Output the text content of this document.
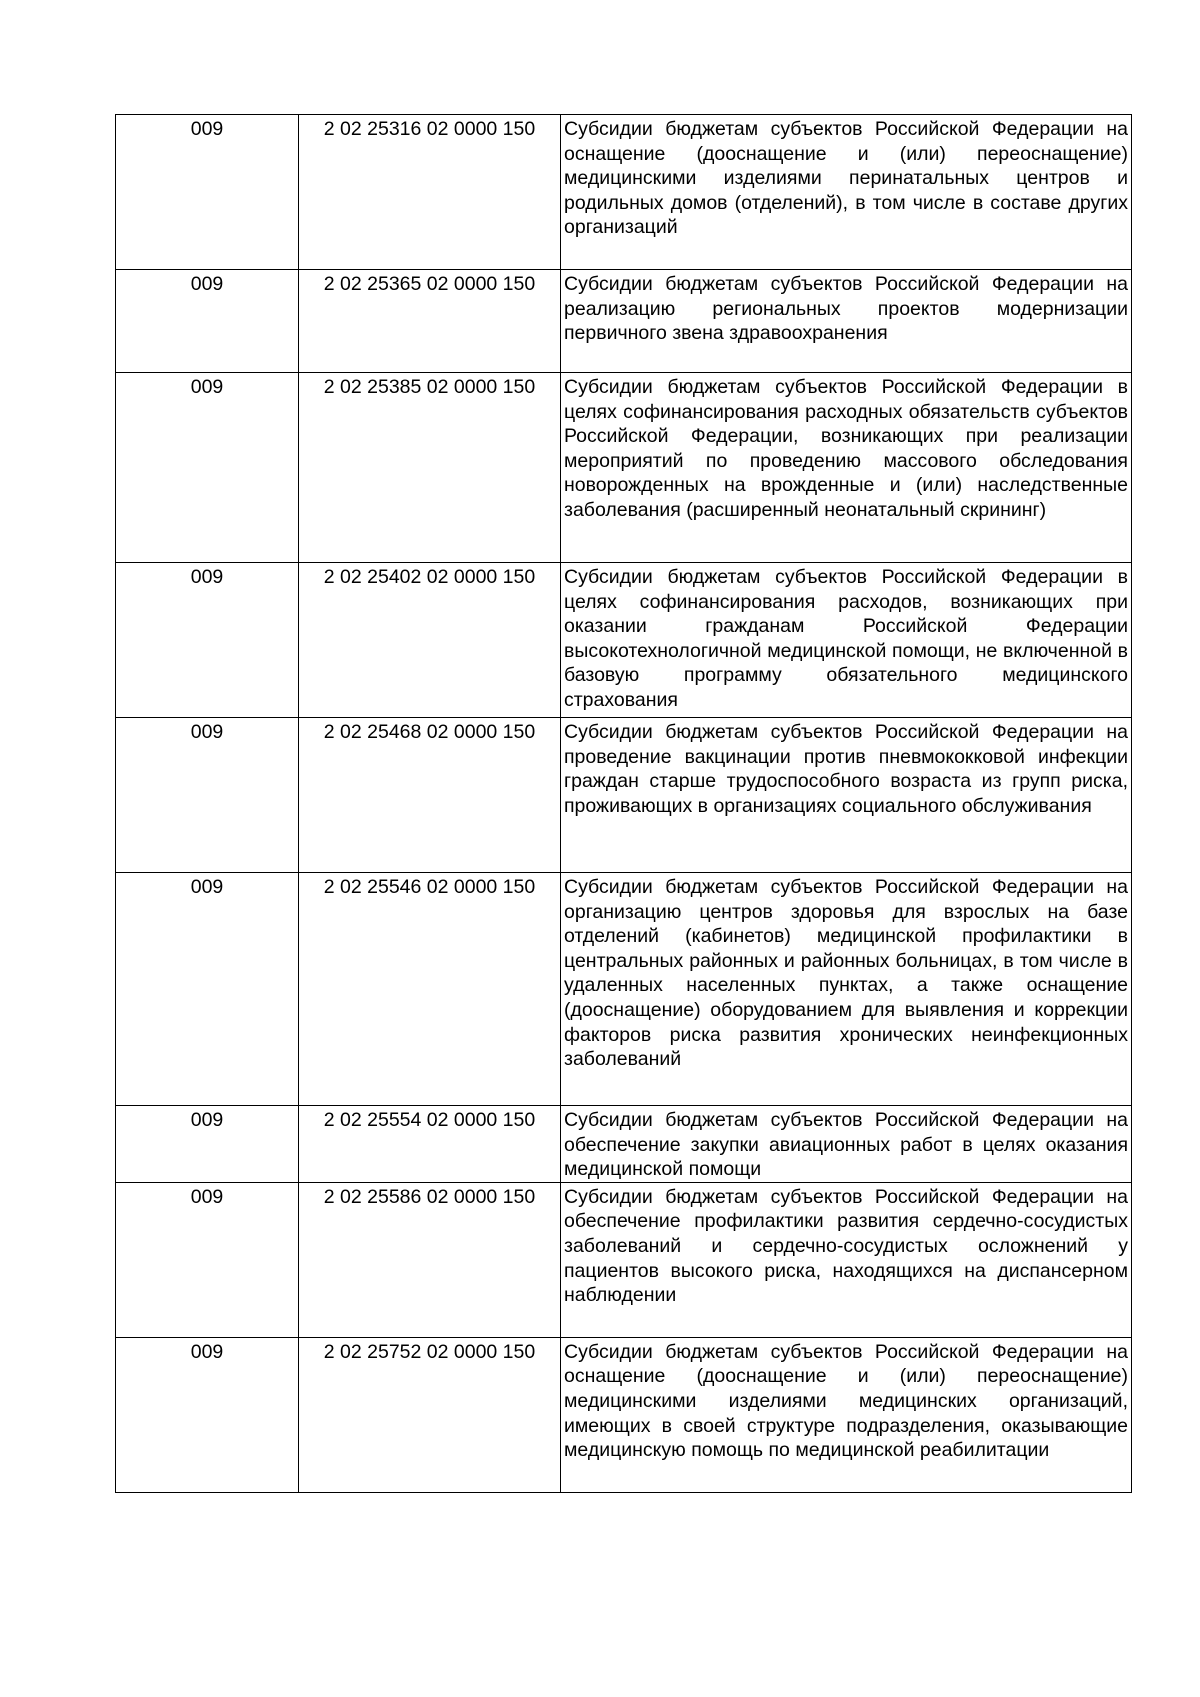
009	2 02 25316 02 0000 150	Субсидии бюджетам субъектов Российской Федерации на оснащение (дооснащение и (или) переоснащение) медицинскими изделиями перинатальных центров и родильных домов (отделений), в том числе в составе других организаций
009	2 02 25365 02 0000 150	Субсидии бюджетам субъектов Российской Федерации на реализацию региональных проектов модернизации первичного звена здравоохранения
009	2 02 25385 02 0000 150	Субсидии бюджетам субъектов Российской Федерации в целях софинансирования расходных обязательств субъектов Российской Федерации, возникающих при реализации мероприятий по проведению массового обследования новорожденных на врожденные и (или) наследственные заболевания (расширенный неонатальный скрининг)
009	2 02 25402 02 0000 150	Субсидии бюджетам субъектов Российской Федерации в целях софинансирования расходов, возникающих при оказании гражданам Российской Федерации высокотехнологичной медицинской помощи, не включенной в базовую программу обязательного медицинского страхования
009	2 02 25468 02 0000 150	Субсидии бюджетам субъектов Российской Федерации на проведение вакцинации против пневмококковой инфекции граждан старше трудоспособного возраста из групп риска, проживающих в организациях социального обслуживания
009	2 02 25546 02 0000 150	Субсидии бюджетам субъектов Российской Федерации на организацию центров здоровья для взрослых на базе отделений (кабинетов) медицинской профилактики в центральных районных и районных больницах, в том числе в удаленных населенных пунктах, а также оснащение (дооснащение) оборудованием для выявления и коррекции факторов риска развития хронических неинфекционных заболеваний
009	2 02 25554 02 0000 150	Субсидии бюджетам субъектов Российской Федерации на обеспечение закупки авиационных работ в целях оказания медицинской помощи
009	2 02 25586 02 0000 150	Субсидии бюджетам субъектов Российской Федерации на обеспечение профилактики развития сердечно-сосудистых заболеваний и сердечно-сосудистых осложнений у пациентов высокого риска, находящихся на диспансерном наблюдении
009	2 02 25752 02 0000 150	Субсидии бюджетам субъектов Российской Федерации на оснащение (дооснащение и (или) переоснащение) медицинскими изделиями медицинских организаций, имеющих в своей структуре подразделения, оказывающие медицинскую помощь по медицинской реабилитации
